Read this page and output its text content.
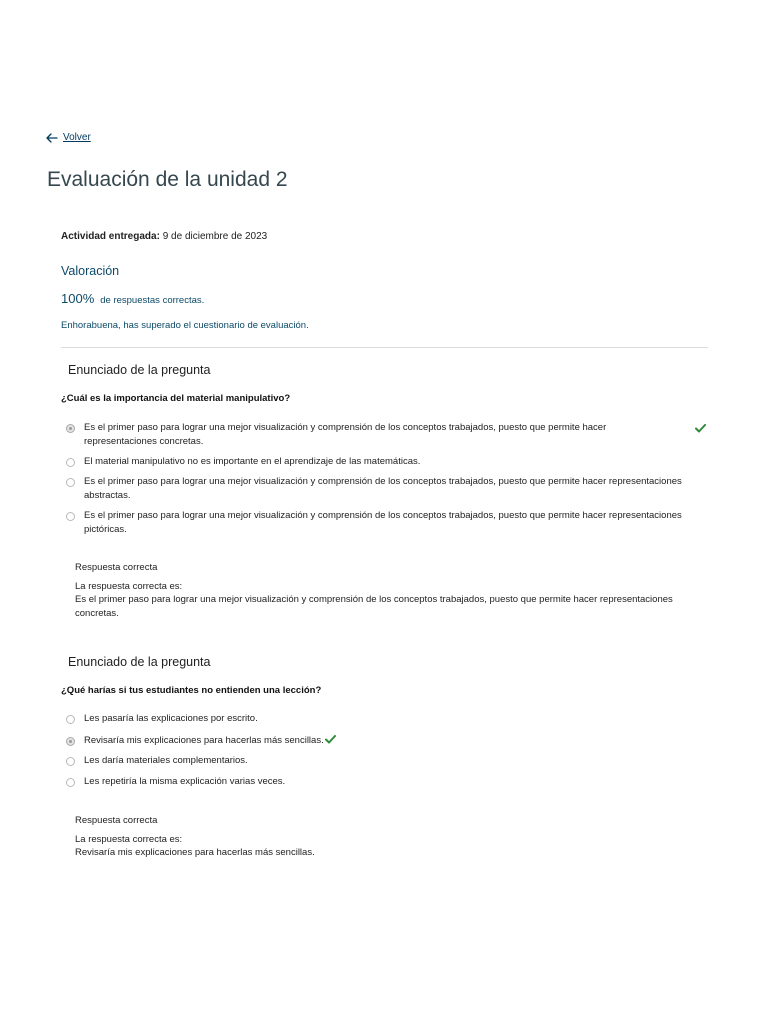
Volver
Evaluación de la unidad 2
Actividad entregada: 9 de diciembre de 2023
Valoración
100% de respuestas correctas.
Enhorabuena, has superado el cuestionario de evaluación.
Enunciado de la pregunta
¿Cuál es la importancia del material manipulativo?
Es el primer paso para lograr una mejor visualización y comprensión de los conceptos trabajados, puesto que permite hacer representaciones concretas.
El material manipulativo no es importante en el aprendizaje de las matemáticas.
Es el primer paso para lograr una mejor visualización y comprensión de los conceptos trabajados, puesto que permite hacer representaciones abstractas.
Es el primer paso para lograr una mejor visualización y comprensión de los conceptos trabajados, puesto que permite hacer representaciones pictóricas.
Respuesta correcta
La respuesta correcta es:
Es el primer paso para lograr una mejor visualización y comprensión de los conceptos trabajados, puesto que permite hacer representaciones concretas.
Enunciado de la pregunta
¿Qué harías si tus estudiantes no entienden una lección?
Les pasaría las explicaciones por escrito.
Revisaría mis explicaciones para hacerlas más sencillas.
Les daría materiales complementarios.
Les repetiría la misma explicación varias veces.
Respuesta correcta
La respuesta correcta es:
Revisaría mis explicaciones para hacerlas más sencillas.
